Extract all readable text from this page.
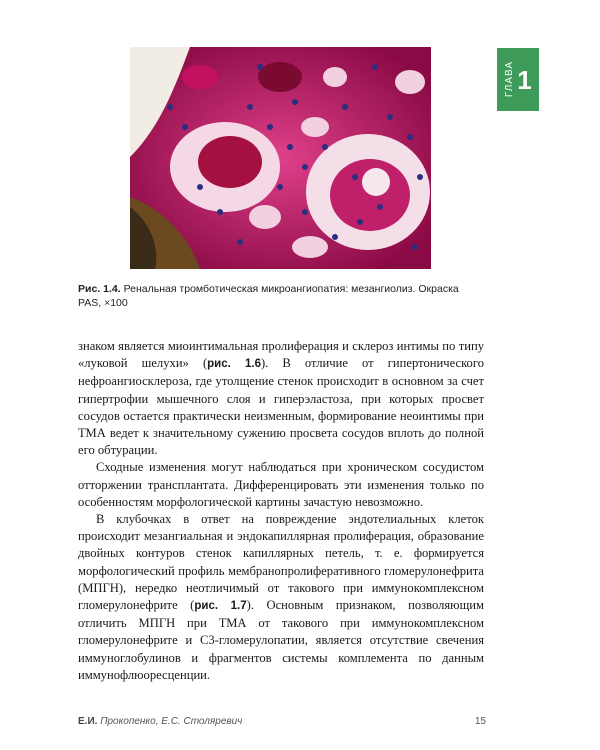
ГЛАВА 1
Рис. 1.4. Ренальная тромботическая микроангиопатия: мезангиолиз. Окраска PAS, ×100

знаком является миоинтимальная пролиферация и склероз интимы по типу «луковой шелухи» (рис. 1.6). В отличие от гипертонического нефроангиосклероза, где утолщение стенок происходит в основном за счет гипертрофии мышечного слоя и гиперэластоза, при которых просвет сосудов остается практически неизменным, формирование неоинтимы при ТМА ведет к значительному сужению просвета сосудов вплоть до полной его обтурации.

Сходные изменения могут наблюдаться при хроническом сосудистом отторжении трансплантата. Дифференцировать эти изменения только по особенностям морфологической картины зачастую невозможно.

В клубочках в ответ на повреждение эндотелиальных клеток происходит мезангиальная и эндокапиллярная пролиферация, образование двойных контуров стенок капиллярных петель, т. е. формируется морфологический профиль мембранопролиферативного гломерулонефрита (МПГН), нередко неотличимый от такового при иммунокомплексном гломерулонефрите (рис. 1.7). Основным признаком, позволяющим отличить МПГН при ТМА от такового при иммунокомплексном гломерулонефрите и С3-гломерулопатии, является отсутствие свечения иммуноглобулинов и фрагментов системы комплемента по данным иммунофлюоресценции.

Е.И. Прокопенко, Е.С. Столяревич	15
